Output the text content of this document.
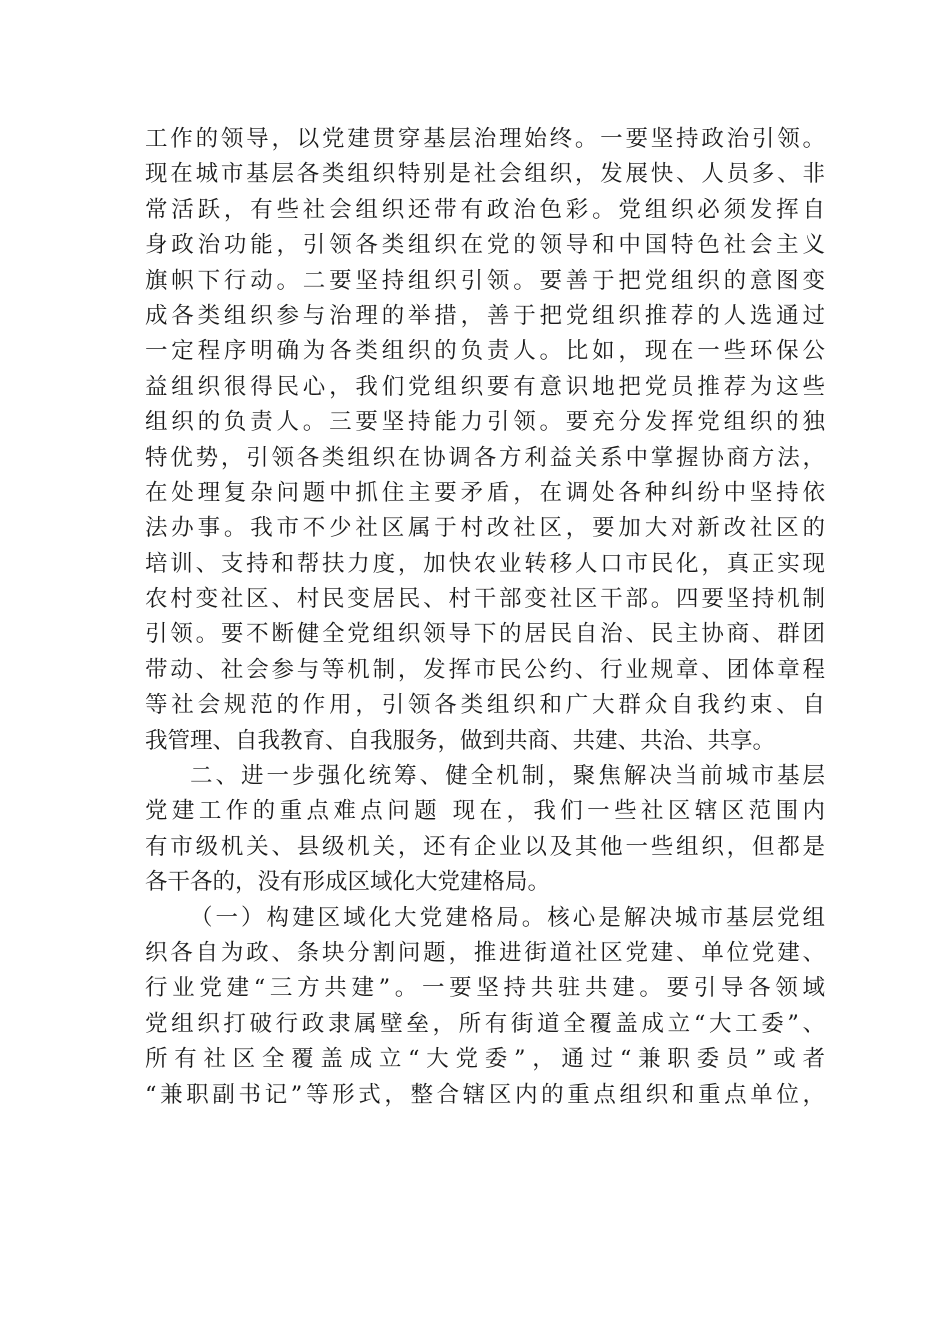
工作的领导，以党建贯穿基层治理始终。一要坚持政治引领。
现在城市基层各类组织特别是社会组织，发展快、人员多、非
常活跃，有些社会组织还带有政治色彩。党组织必须发挥自
身政治功能，引领各类组织在党的领导和中国特色社会主义
旗帜下行动。二要坚持组织引领。要善于把党组织的意图变
成各类组织参与治理的举措，善于把党组织推荐的人选通过
一定程序明确为各类组织的负责人。比如，现在一些环保公
益组织很得民心，我们党组织要有意识地把党员推荐为这些
组织的负责人。三要坚持能力引领。要充分发挥党组织的独
特优势，引领各类组织在协调各方利益关系中掌握协商方法，
在处理复杂问题中抓住主要矛盾，在调处各种纠纷中坚持依
法办事。我市不少社区属于村改社区，要加大对新改社区的
培训、支持和帮扶力度，加快农业转移人口市民化，真正实现
农村变社区、村民变居民、村干部变社区干部。四要坚持机制
引领。要不断健全党组织领导下的居民自治、民主协商、群团
带动、社会参与等机制，发挥市民公约、行业规章、团体章程
等社会规范的作用，引领各类组织和广大群众自我约束、自
我管理、自我教育、自我服务，做到共商、共建、共治、共享。
二、进一步强化统筹、健全机制，聚焦解决当前城市基层
党建工作的重点难点问题 现在，我们一些社区辖区范围内
有市级机关、县级机关，还有企业以及其他一些组织，但都是
各干各的，没有形成区域化大党建格局。
（一）构建区域化大党建格局。核心是解决城市基层党组
织各自为政、条块分割问题，推进街道社区党建、单位党建、
行业党建“三方共建”。一要坚持共驻共建。要引导各领域
党组织打破行政隶属壁垒，所有街道全覆盖成立“大工委”、
所有社区全覆盖成立“大党委”，通过“兼职委员”或者
“兼职副书记”等形式，整合辖区内的重点组织和重点单位，
